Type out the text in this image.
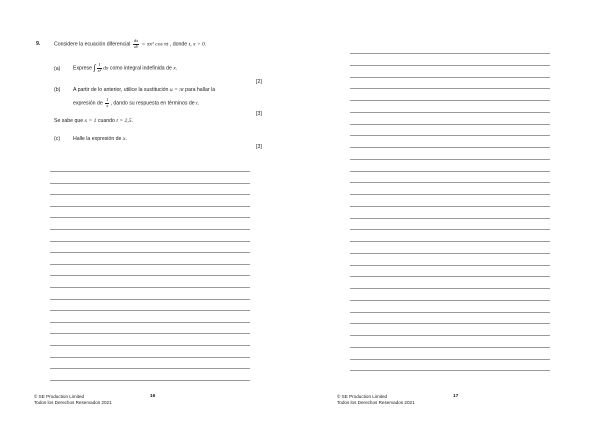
9.	Considere la ecuación diferencial $\frac{dx}{dt} = \pi x^2$ cos πt , donde t, x > 0.
(a) Exprese ∫ $\frac{1}{\text{x²}}$ dx como integral indefinida de x.
[2]
(b) A partir de lo anterior, utilice la sustitución u = πt para hallar la
expresión de $\frac{1}{x}$ , dando su respuesta en términos de t.
[3]
Se sabe que x = 1 cuando t = 2,5.
(c) Halle la expresión de x.
[3]
© SE Production Limited
Todos los Derechos Reservados 2021
16	© SE Production Limited
Todos los Derechos Reservados 2021
17
